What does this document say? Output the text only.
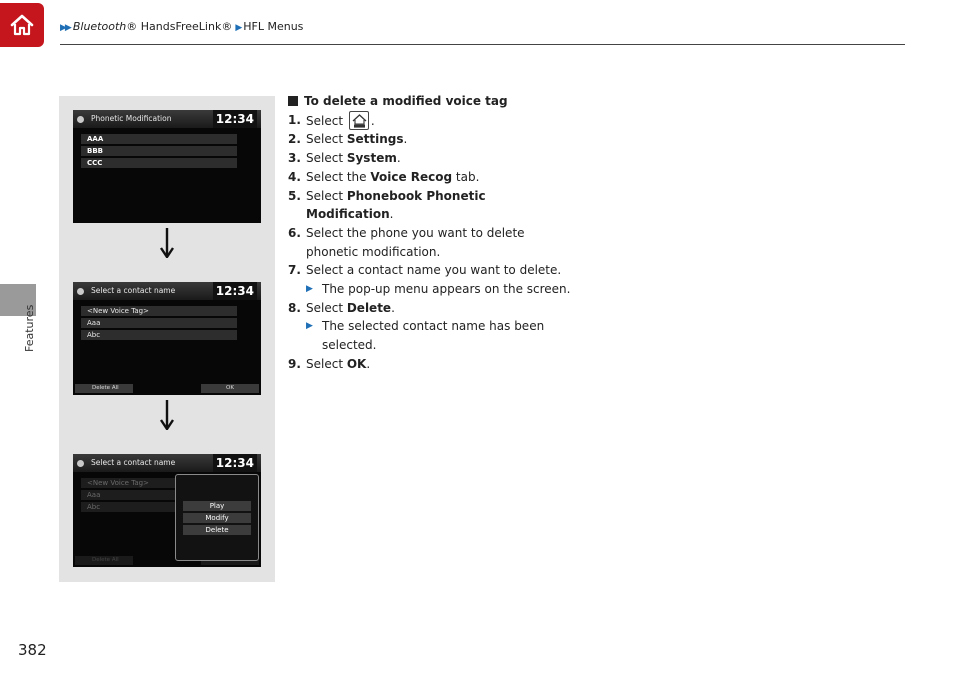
▶▶ Bluetooth® HandsFreeLink® ▶ HFL Menus
Features
Phonetic Modification	12:34
AAA
BBB
CCC
Select a contact name	12:34
<New Voice Tag>
Aaa
Abc
Delete All	OK
Select a contact name	12:34
<New Voice Tag>
Aaa
Abc
Delete All
Play
Modify
Delete
To delete a modified voice tag
1. Select .
2. Select Settings.
3. Select System.
4. Select the Voice Recog tab.
5. Select Phonebook Phonetic Modification.
6. Select the phone you want to delete phonetic modification.
7. Select a contact name you want to delete.
▶ The pop-up menu appears on the screen.
8. Select Delete.
▶ The selected contact name has been selected.
9. Select OK.
382
